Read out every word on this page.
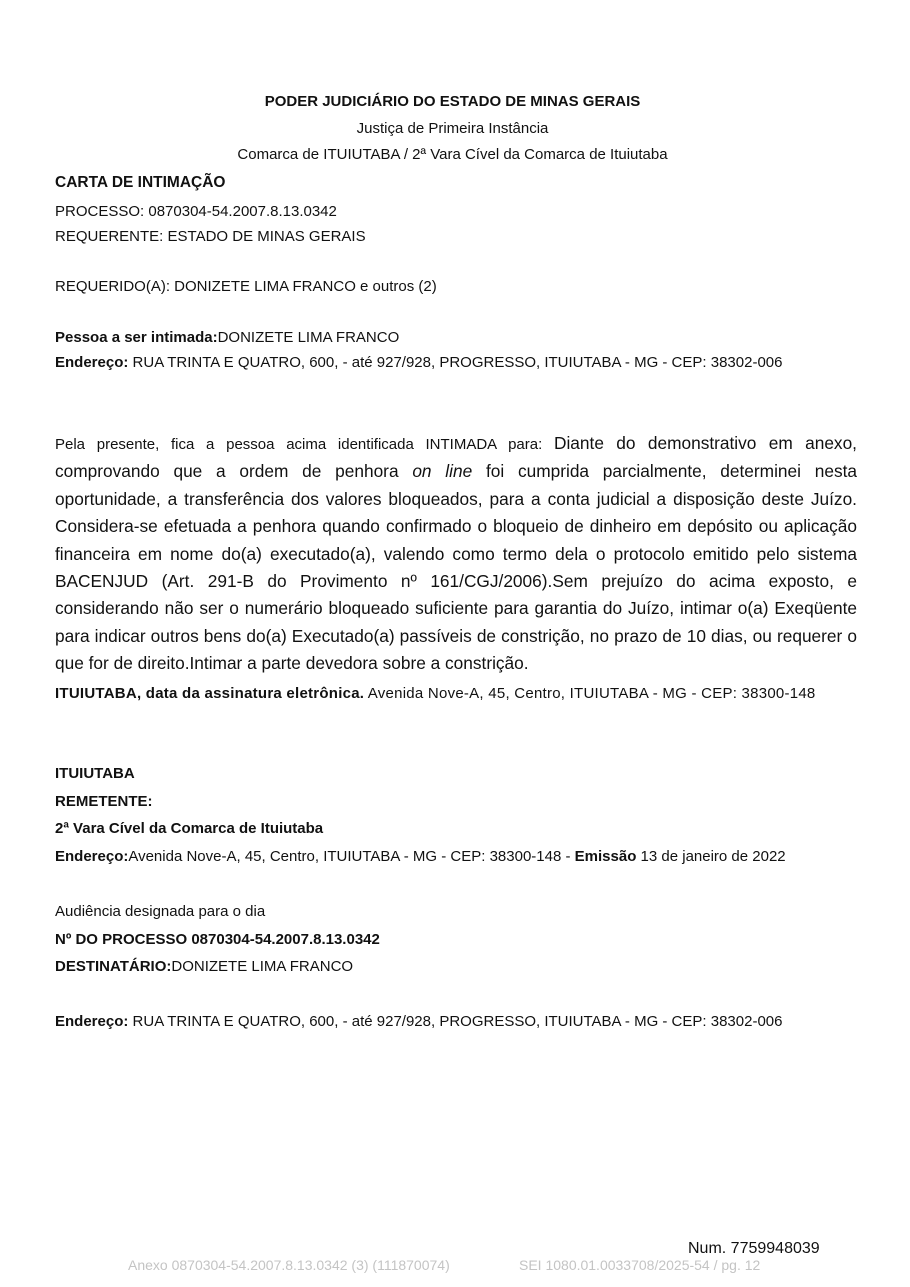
PODER JUDICIÁRIO DO ESTADO DE MINAS GERAIS
Justiça de Primeira Instância
Comarca de ITUIUTABA / 2ª Vara Cível da Comarca de Ituiutaba
CARTA DE INTIMAÇÃO
PROCESSO: 0870304-54.2007.8.13.0342
REQUERENTE: ESTADO DE MINAS GERAIS
REQUERIDO(A): DONIZETE LIMA FRANCO e outros (2)
Pessoa a ser intimada:DONIZETE LIMA FRANCO
Endereço: RUA TRINTA E QUATRO, 600, - até 927/928, PROGRESSO, ITUIUTABA - MG - CEP: 38302-006
Pela presente, fica a pessoa acima identificada INTIMADA para: Diante do demonstrativo em anexo, comprovando que a ordem de penhora on line foi cumprida parcialmente, determinei nesta oportunidade, a transferência dos valores bloqueados, para a conta judicial a disposição deste Juízo. Considera-se efetuada a penhora quando confirmado o bloqueio de dinheiro em depósito ou aplicação financeira em nome do(a) executado(a), valendo como termo dela o protocolo emitido pelo sistema BACENJUD (Art. 291-B do Provimento nº 161/CGJ/2006).Sem prejuízo do acima exposto, e considerando não ser o numerário bloqueado suficiente para garantia do Juízo, intimar o(a) Exeqüente para indicar outros bens do(a) Executado(a) passíveis de constrição, no prazo de 10 dias, ou requerer o que for de direito.Intimar a parte devedora sobre a constrição.
ITUIUTABA, data da assinatura eletrônica. Avenida Nove-A, 45, Centro, ITUIUTABA - MG - CEP: 38300-148
ITUIUTABA
REMETENTE:
2ª Vara Cível da Comarca de Ituiutaba
Endereço:Avenida Nove-A, 45, Centro, ITUIUTABA - MG - CEP: 38300-148 - Emissão 13 de janeiro de 2022
Audiência designada para o dia
Nº DO PROCESSO 0870304-54.2007.8.13.0342
DESTINATÁRIO:DONIZETE LIMA FRANCO
Endereço: RUA TRINTA E QUATRO, 600, - até 927/928, PROGRESSO, ITUIUTABA - MG - CEP: 38302-006
Num. 7759948039
Anexo 0870304-54.2007.8.13.0342 (3) (111870074)	SEI 1080.01.0033708/2025-54 / pg. 12
